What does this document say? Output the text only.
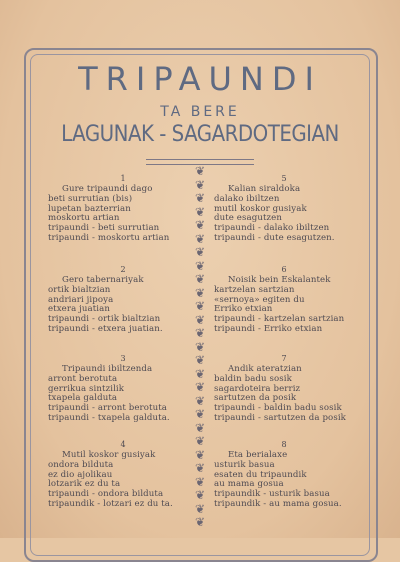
TRIPAUNDI
TA BERE
LAGUNAK - SAGARDOTEGIAN
❦
❦
❦
❦
❦
❦
❦
❦
❦
❦
❦
❦
❦
❦
❦
❦
❦
❦
❦
❦
❦
❦
❦
❦
❦
❦
❦
1
Gure tripaundi dago
beti surrutian (bis)
lupetan bazterrian
moskortu artian
tripaundi - beti surrutian
tripaundi - moskortu artian
2
Gero tabernariyak
ortik bialtzian
andriari jipoya
etxera juatian
tripaundi - ortik bialtzian
tripaundi - etxera juatian.
3
Tripaundi ibiltzenda
arront berotuta
gerrikua sintzilik
txapela galduta
tripaundi - arront berotuta
tripaundi - txapela galduta.
4
Mutil koskor gusiyak
ondora bilduta
ez dio ajolikau
lotzarik ez du ta
tripaundi - ondora bilduta
tripaundik - lotzari ez du ta.
5
Kalian siraldoka
dalako ibiltzen
mutil koskor gusiyak
dute esagutzen
tripaundi - dalako ibiltzen
tripaundi - dute esagutzen.
6
Noisik bein Eskalantek
kartzelan sartzian
«sernoya» egiten du
Erriko etxian
tripaundi - kartzelan sartzian
tripaundi - Erriko etxian
7
Andik ateratzian
baldin badu sosik
sagardoteira berriz
sartutzen da posik
tripaundi - baldin badu sosik
tripaundi - sartutzen da posik
8
Eta berialaxe
usturik basua
esaten du tripaundik
au mama gosua
tripaundik - usturik basua
tripaundik - au mama gosua.
